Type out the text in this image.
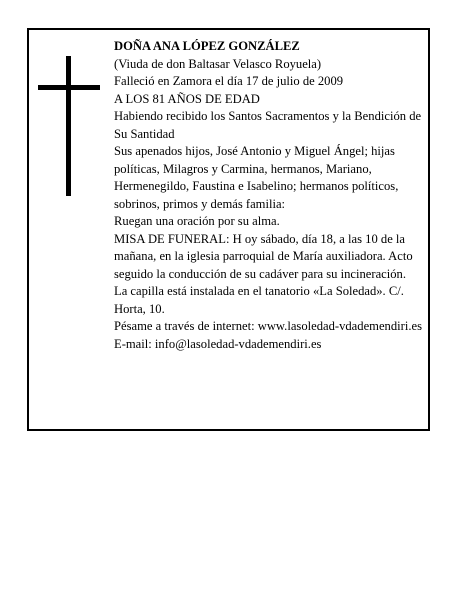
DOÑA ANA LÓPEZ GONZÁLEZ

(Viuda de don Baltasar Velasco Royuela)

Falleció en Zamora el día 17 de julio de 2009

A LOS 81 AÑOS DE EDAD

Habiendo recibido los Santos Sacramentos y la Bendición de Su Santidad

Sus apenados hijos, José Antonio y Miguel Ángel; hijas políticas, Milagros y Carmina, hermanos, Mariano, Hermenegildo, Faustina e Isabelino; hermanos políticos, sobrinos, primos y demás familia:

Ruegan una oración por su alma.

MISA DE FUNERAL: H oy sábado, día 18, a las 10 de la mañana, en la iglesia parroquial de María auxiliadora. Acto seguido la conducción de su cadáver para su incineración.

La capilla está instalada en el tanatorio «La Soledad». C/. Horta, 10.

Pésame a través de internet: www.lasoledad-vdademendiri.es

E-mail: info@lasoledad-vdademendiri.es
